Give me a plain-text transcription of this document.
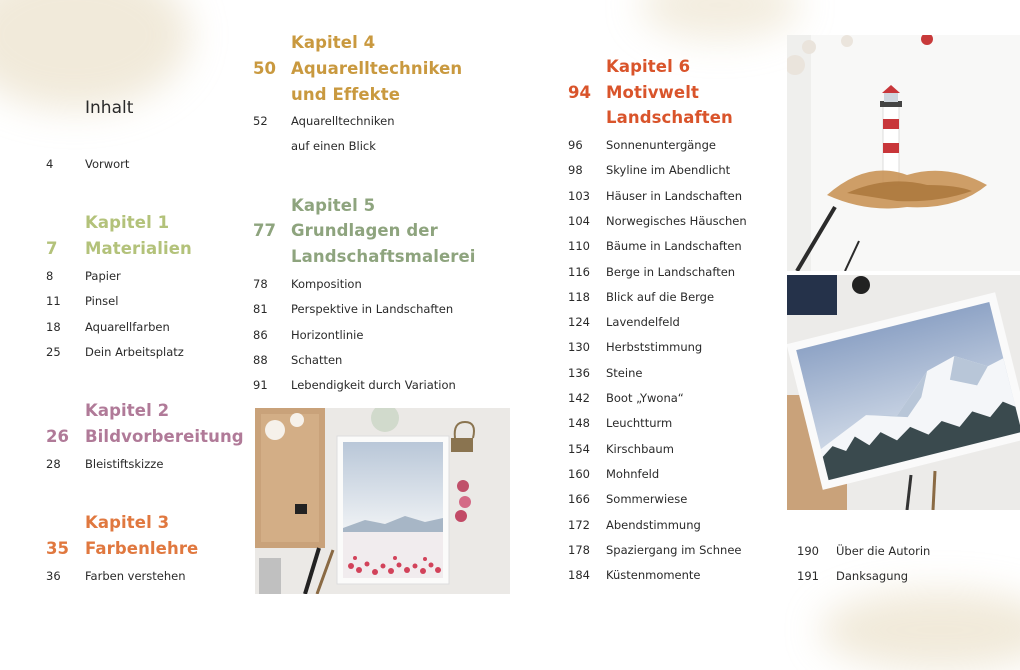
Inhalt
4	Vorwort
Kapitel 1
7 Materialien
8	Papier
11 Pinsel
18 Aquarellfarben
25 Dein Arbeitsplatz
Kapitel 2
26 Bildvorbereitung
28 Bleistiftskizze
Kapitel 3
35 Farbenlehre
36 Farben verstehen
Kapitel 4
50 Aquarelltechniken
und Effekte
52 Aquarelltechniken
auf einen Blick
Kapitel 5
77 Grundlagen der
Landschaftsmalerei
78 Komposition
81 Perspektive in Landschaften
86 Horizontlinie
88 Schatten
91 Lebendigkeit durch Variation
Kapitel 6
94 Motivwelt
Landschaften
96 Sonnenuntergänge
98 Skyline im Abendlicht
103 Häuser in Landschaften
104 Norwegisches Häuschen
110 Bäume in Landschaften
116 Berge in Landschaften
118 Blick auf die Berge
124 Lavendelfeld
130 Herbststimmung
136 Steine
142 Boot „Ywona“
148 Leuchtturm
154 Kirschbaum
160 Mohnfeld
166 Sommerwiese
172 Abendstimmung
178 Spaziergang im Schnee
184 Küstenmomente
190 Über die Autorin
191 Danksagung
